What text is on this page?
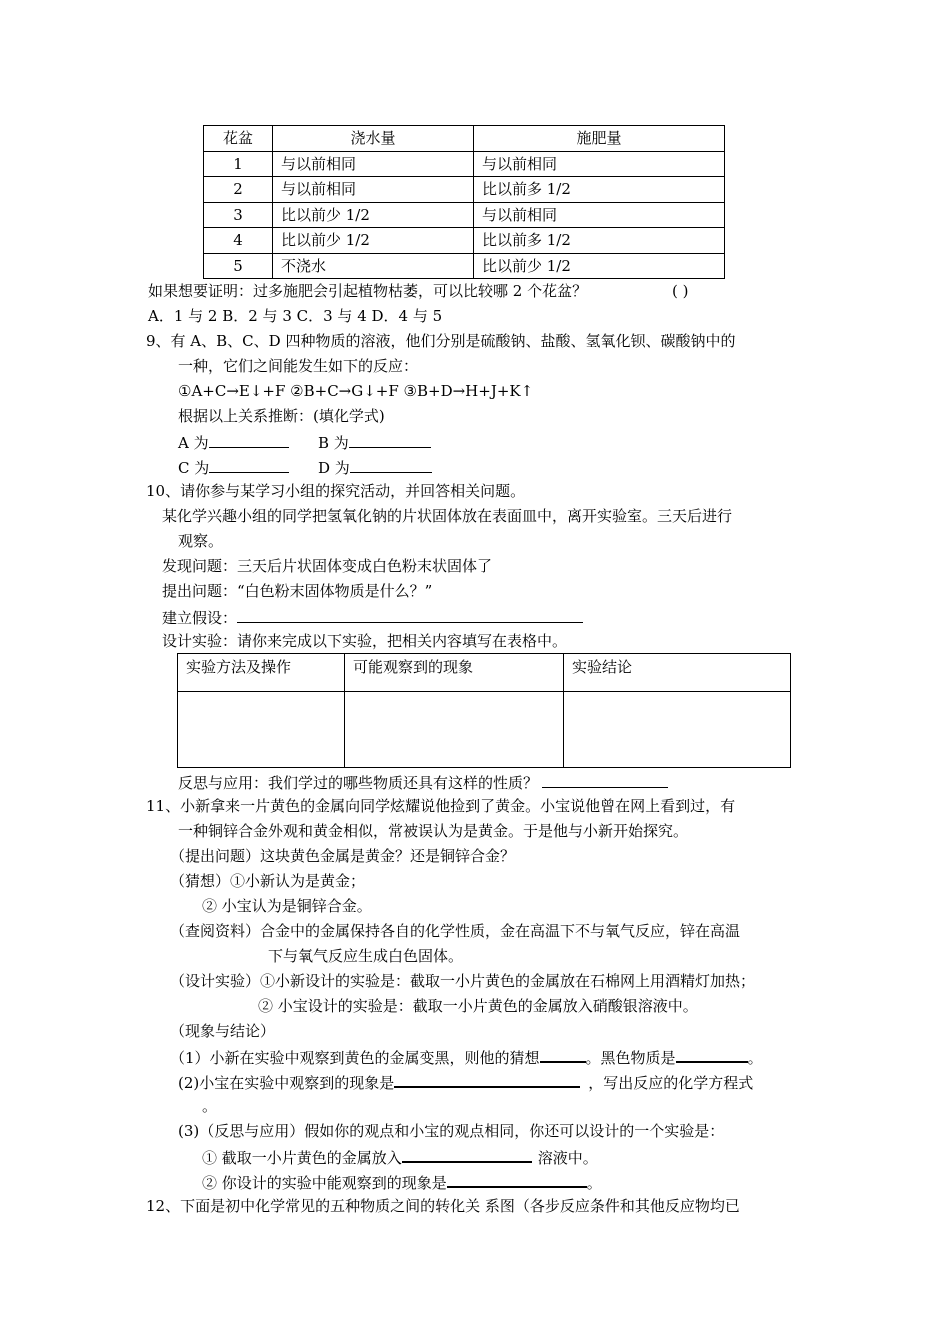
花盆	浇水量	施肥量
1	与以前相同	与以前相同
2	与以前相同	比以前多 1/2
3	比以前少 1/2	与以前相同
4	比以前少 1/2	比以前多 1/2
5	不浇水	比以前少 1/2
如果想要证明：过多施肥会引起植物枯萎，可以比较哪 2 个花盆？	( )
A．1 与 2 B．2 与 3 C．3 与 4 D．4 与 5
9、有 A、B、C、D 四种物质的溶液，他们分别是硫酸钠、盐酸、氢氧化钡、碳酸钠中的
一种，它们之间能发生如下的反应：
①A+C→E↓+F ②B+C→G↓+F ③B+D→H+J+K↑
根据以上关系推断：(填化学式)
A 为	B 为
C 为	D 为
10、请你参与某学习小组的探究活动，并回答相关问题。
某化学兴趣小组的同学把氢氧化钠的片状固体放在表面皿中，离开实验室。三天后进行
观察。
发现问题：三天后片状固体变成白色粉末状固体了
提出问题：“白色粉末固体物质是什么？”
建立假设：
设计实验：请你来完成以下实验，把相关内容填写在表格中。
实验方法及操作	可能观察到的现象	实验结论

反思与应用：我们学过的哪些物质还具有这样的性质？
11、小新拿来一片黄色的金属向同学炫耀说他捡到了黄金。小宝说他曾在网上看到过，有
一种铜锌合金外观和黄金相似，常被误认为是黄金。于是他与小新开始探究。
（提出问题）这块黄色金属是黄金？还是铜锌合金？
（猜想）①小新认为是黄金；
② 小宝认为是铜锌合金。
（查阅资料）合金中的金属保持各自的化学性质，金在高温下不与氧气反应，锌在高温
下与氧气反应生成白色固体。
（设计实验）①小新设计的实验是：截取一小片黄色的金属放在石棉网上用酒精灯加热；
② 小宝设计的实验是：截取一小片黄色的金属放入硝酸银溶液中。
（现象与结论）
（1）小新在实验中观察到黄色的金属变黑，则他的猜想	。黑色物质是	。
(2)小宝在实验中观察到的现象是	，写出反应的化学方程式
。
(3)（反思与应用）假如你的观点和小宝的观点相同，你还可以设计的一个实验是：
① 截取一小片黄色的金属放入	溶液中。
② 你设计的实验中能观察到的现象是	。
12、下面是初中化学常见的五种物质之间的转化关 系图（各步反应条件和其他反应物均已
